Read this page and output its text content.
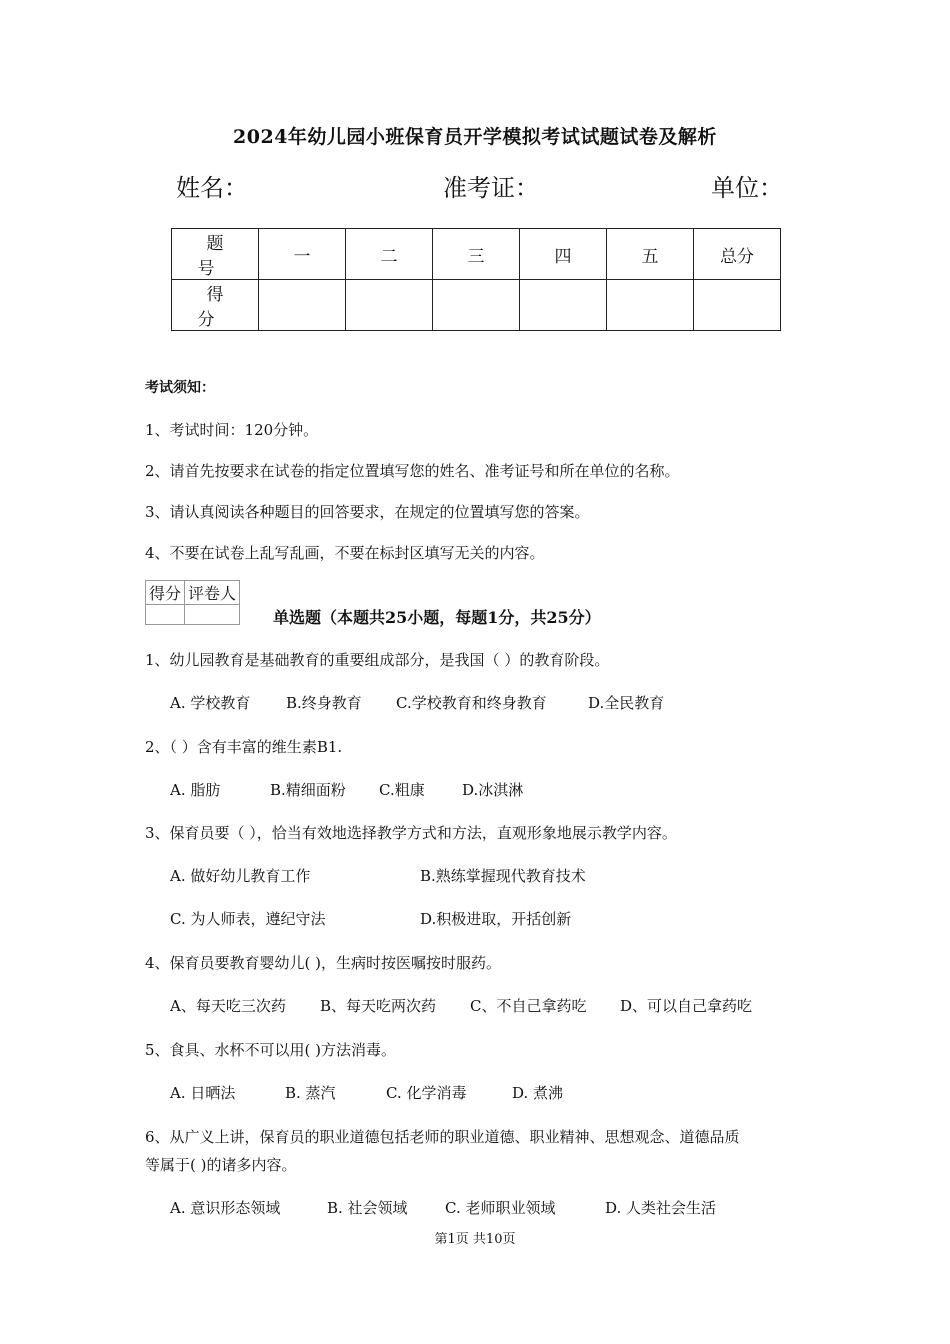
2024年幼儿园小班保育员开学模拟考试试题试卷及解析
姓名：	准考证：	单位：
题 号	一	二	三	四	五	总分
得 分						
考试须知：
1、考试时间：120分钟。
2、请首先按要求在试卷的指定位置填写您的姓名、准考证号和所在单位的名称。
3、请认真阅读各种题目的回答要求，在规定的位置填写您的答案。
4、不要在试卷上乱写乱画，不要在标封区填写无关的内容。
得分	评卷人

单选题（本题共25小题，每题1分，共25分）
1、幼儿园教育是基础教育的重要组成部分，是我国（ ）的教育阶段。
A. 学校教育 B.终身教育 C.学校教育和终身教育	D.全民教育
2、（ ）含有丰富的维生素B1.
A. 脂肪	B.精细面粉 C.粗康 D.冰淇淋
3、保育员要（ ），恰当有效地选择教学方式和方法，直观形象地展示教学内容。
A. 做好幼儿教育工作	B.熟练掌握现代教育技术
C. 为人师表，遵纪守法	D.积极进取，开括创新
4、保育员要教育婴幼儿( )，生病时按医嘱按时服药。
A、每天吃三次药 B、每天吃两次药 C、不自己拿药吃 D、可以自己拿药吃
5、食具、水杯不可以用( )方法消毒。
A. 日晒法	B. 蒸汽	C. 化学消毒	D. 煮沸
6、从广义上讲，保育员的职业道德包括老师的职业道德、职业精神、思想观念、道德品质
等属于( )的诸多内容。
A. 意识形态领域	B. 社会领域 C. 老师职业领域	D. 人类社会生活
第1页 共10页
